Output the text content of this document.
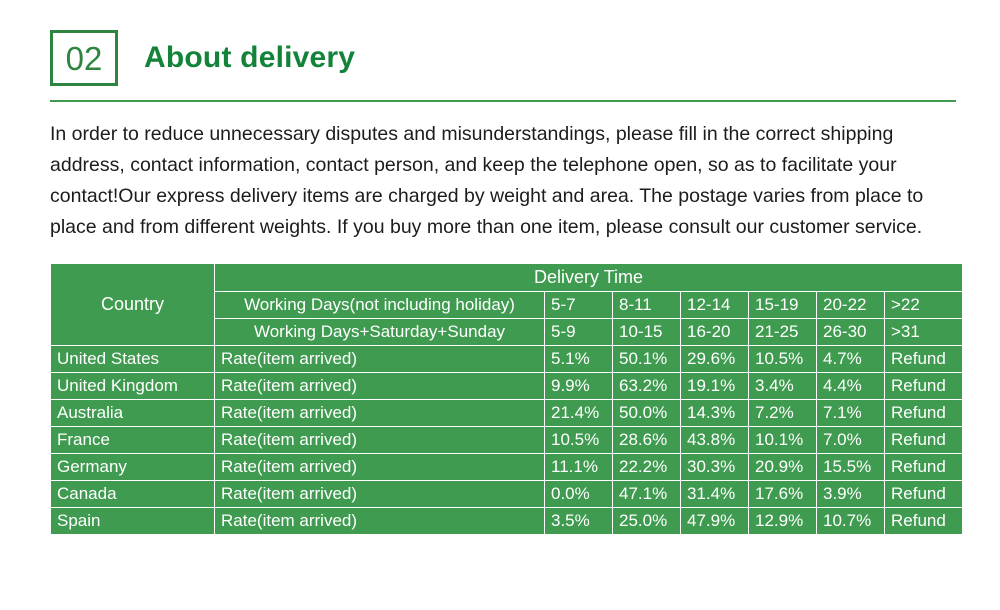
02	About delivery
In order to reduce unnecessary disputes and misunderstandings, please fill in the correct shipping address, contact information, contact person, and keep the telephone open, so as to facilitate your contact!Our express delivery items are charged by weight and area. The postage varies from place to place and from different weights. If you buy more than one item, please consult our customer service.
Country	Delivery Time						
	Working Days(not including holiday)	5-7	8-11	12-14	15-19	20-22	>22
	Working Days+Saturday+Sunday	5-9	10-15	16-20	21-25	26-30	>31
United States	Rate(item arrived)	5.1%	50.1%	29.6%	10.5%	4.7%	Refund
United Kingdom	Rate(item arrived)	9.9%	63.2%	19.1%	3.4%	4.4%	Refund
Australia	Rate(item arrived)	21.4%	50.0%	14.3%	7.2%	7.1%	Refund
France	Rate(item arrived)	10.5%	28.6%	43.8%	10.1%	7.0%	Refund
Germany	Rate(item arrived)	11.1%	22.2%	30.3%	20.9%	15.5%	Refund
Canada	Rate(item arrived)	0.0%	47.1%	31.4%	17.6%	3.9%	Refund
Spain	Rate(item arrived)	3.5%	25.0%	47.9%	12.9%	10.7%	Refund
